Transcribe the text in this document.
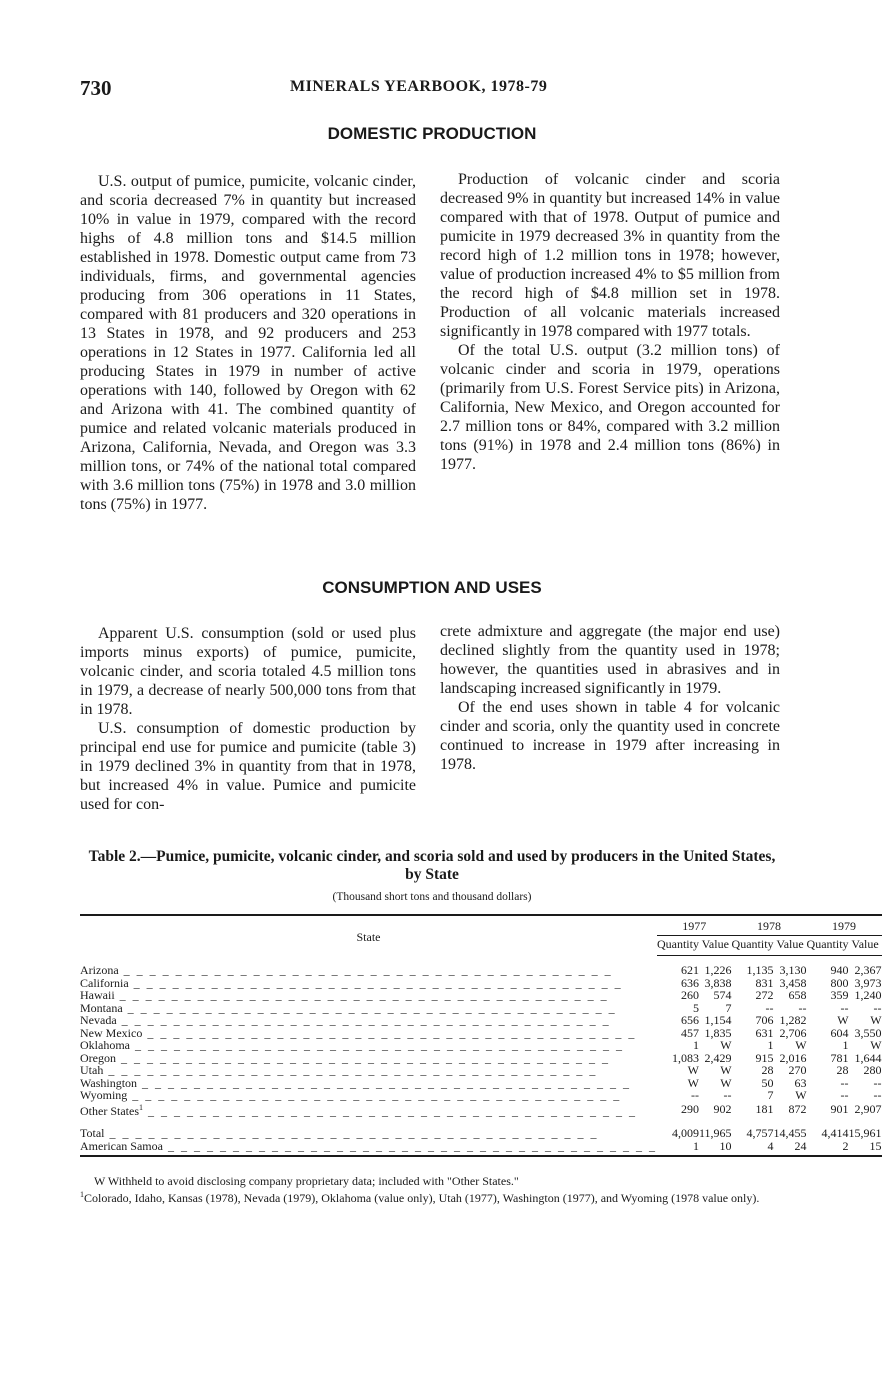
730	MINERALS YEARBOOK, 1978-79
DOMESTIC PRODUCTION

U.S. output of pumice, pumicite, volcanic cinder, and scoria decreased 7% in quantity but increased 10% in value in 1979, compared with the record highs of 4.8 million tons and $14.5 million established in 1978. Domestic output came from 73 individuals, firms, and governmental agencies producing from 306 operations in 11 States, compared with 81 producers and 320 operations in 13 States in 1978, and 92 producers and 253 operations in 12 States in 1977. California led all producing States in 1979 in number of active operations with 140, followed by Oregon with 62 and Arizona with 41. The combined quantity of pumice and related volcanic materials produced in Arizona, California, Nevada, and Oregon was 3.3 million tons, or 74% of the national total compared with 3.6 million tons (75%) in 1978 and 3.0 million tons (75%) in 1977.

Production of volcanic cinder and scoria decreased 9% in quantity but increased 14% in value compared with that of 1978. Output of pumice and pumicite in 1979 decreased 3% in quantity from the record high of 1.2 million tons in 1978; however, value of production increased 4% to $5 million from the record high of $4.8 million set in 1978. Production of all volcanic materials increased significantly in 1978 compared with 1977 totals.

Of the total U.S. output (3.2 million tons) of volcanic cinder and scoria in 1979, operations (primarily from U.S. Forest Service pits) in Arizona, California, New Mexico, and Oregon accounted for 2.7 million tons or 84%, compared with 3.2 million tons (91%) in 1978 and 2.4 million tons (86%) in 1977.

CONSUMPTION AND USES

Apparent U.S. consumption (sold or used plus imports minus exports) of pumice, pumicite, volcanic cinder, and scoria totaled 4.5 million tons in 1979, a decrease of nearly 500,000 tons from that in 1978.

U.S. consumption of domestic production by principal end use for pumice and pumicite (table 3) in 1979 declined 3% in quantity from that in 1978, but increased 4% in value. Pumice and pumicite used for con-

crete admixture and aggregate (the major end use) declined slightly from the quantity used in 1978; however, the quantities used in abrasives and in landscaping increased significantly in 1979.

Of the end uses shown in table 4 for volcanic cinder and scoria, only the quantity used in concrete continued to increase in 1979 after increasing in 1978.

Table 2.—Pumice, pumicite, volcanic cinder, and scoria sold and used by producers in the United States, by State
(Thousand short tons and thousand dollars)
State	1977		1978		1979	
	Quantity	Value	Quantity	Value	Quantity	Value
Arizona _ _ _ _ _ _ _ _ _ _ _ _ _ _ _ _ _ _ _ _ _ _ _ _ _ _ _ _ _ _ _ _ _ _ _ _ _ _	621	1,226	1,135	3,130	940	2,367
California _ _ _ _ _ _ _ _ _ _ _ _ _ _ _ _ _ _ _ _ _ _ _ _ _ _ _ _ _ _ _ _ _ _ _ _ _ _	636	3,838	831	3,458	800	3,973
Hawaii _ _ _ _ _ _ _ _ _ _ _ _ _ _ _ _ _ _ _ _ _ _ _ _ _ _ _ _ _ _ _ _ _ _ _ _ _ _	260	574	272	658	359	1,240
Montana _ _ _ _ _ _ _ _ _ _ _ _ _ _ _ _ _ _ _ _ _ _ _ _ _ _ _ _ _ _ _ _ _ _ _ _ _ _	5	7	--	--	--	--
Nevada _ _ _ _ _ _ _ _ _ _ _ _ _ _ _ _ _ _ _ _ _ _ _ _ _ _ _ _ _ _ _ _ _ _ _ _ _ _	656	1,154	706	1,282	W	W
New Mexico _ _ _ _ _ _ _ _ _ _ _ _ _ _ _ _ _ _ _ _ _ _ _ _ _ _ _ _ _ _ _ _ _ _ _ _ _ _	457	1,835	631	2,706	604	3,550
Oklahoma _ _ _ _ _ _ _ _ _ _ _ _ _ _ _ _ _ _ _ _ _ _ _ _ _ _ _ _ _ _ _ _ _ _ _ _ _ _	1	W	1	W	1	W
Oregon _ _ _ _ _ _ _ _ _ _ _ _ _ _ _ _ _ _ _ _ _ _ _ _ _ _ _ _ _ _ _ _ _ _ _ _ _ _	1,083	2,429	915	2,016	781	1,644
Utah _ _ _ _ _ _ _ _ _ _ _ _ _ _ _ _ _ _ _ _ _ _ _ _ _ _ _ _ _ _ _ _ _ _ _ _ _ _	W	W	28	270	28	280
Washington _ _ _ _ _ _ _ _ _ _ _ _ _ _ _ _ _ _ _ _ _ _ _ _ _ _ _ _ _ _ _ _ _ _ _ _ _ _	W	W	50	63	--	--
Wyoming _ _ _ _ _ _ _ _ _ _ _ _ _ _ _ _ _ _ _ _ _ _ _ _ _ _ _ _ _ _ _ _ _ _ _ _ _ _	--	--	7	W	--	--
Other States$^1$ _ _ _ _ _ _ _ _ _ _ _ _ _ _ _ _ _ _ _ _ _ _ _ _ _ _ _ _ _ _ _ _ _ _ _ _ _ _	290	902	181	872	901	2,907
Total _ _ _ _ _ _ _ _ _ _ _ _ _ _ _ _ _ _ _ _ _ _ _ _ _ _ _ _ _ _ _ _ _ _ _ _ _ _	4,009	11,965	4,757	14,455	4,414	15,961
American Samoa _ _ _ _ _ _ _ _ _ _ _ _ _ _ _ _ _ _ _ _ _ _ _ _ _ _ _ _ _ _ _ _ _ _ _ _ _ _	1	10	4	24	2	15

W Withheld to avoid disclosing company proprietary data; included with "Other States."

$^1$Colorado, Idaho, Kansas (1978), Nevada (1979), Oklahoma (value only), Utah (1977), Washington (1977), and Wyoming (1978 value only).
